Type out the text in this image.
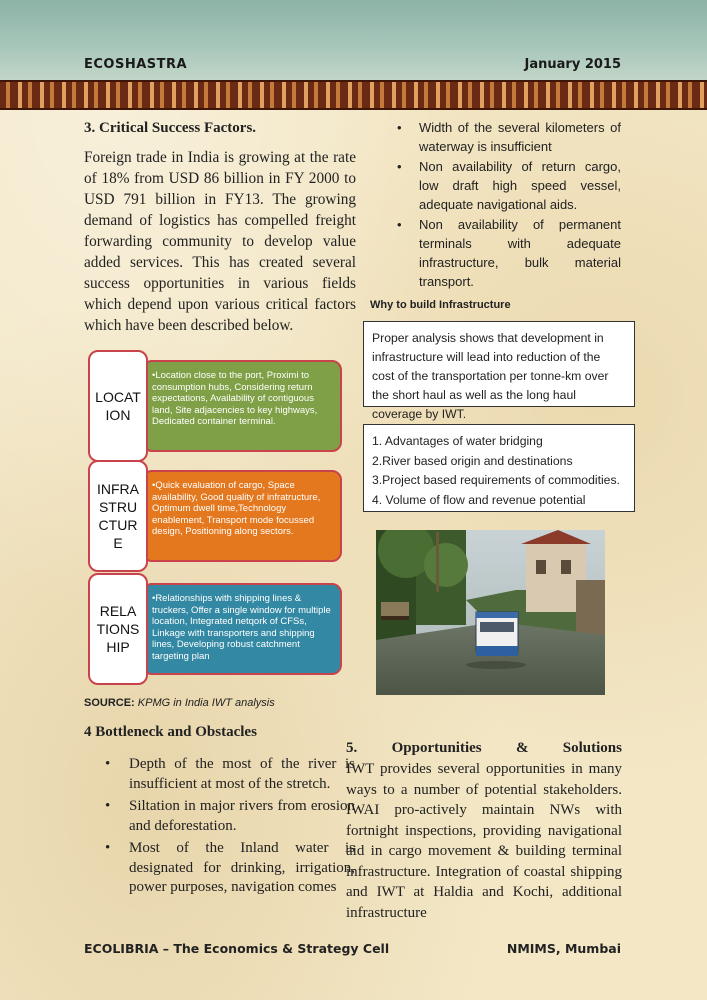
ECOSHASTRA	January 2015
3. Critical Success Factors.
Foreign trade in India is growing at the rate of 18% from USD 86 billion in FY 2000 to USD 791 billion in FY13. The growing demand of logistics has compelled freight forwarding community to develop value added services. This has created several success opportunities in various fields which depend upon various critical factors which have been described below.
•Location close to the port, Proximi to consumption hubs, Considering return expectations, Availability of contiguous land, Site adjacencies to key highways, Dedicated container terminal.
LOCATION
•Quick evaluation of cargo, Space availability, Good quality of infratructure, Optimum dwell time,Technology enablement, Transport mode focussed design, Positioning along sectors.
INFRASTRUCTURE
•Relationships with shipping lines & truckers, Offer a single window for multiple location, Integrated netqork of CFSs, Linkage with transporters and shipping lines, Developing robust catchment targeting plan
RELATIONSHIP
SOURCE: KPMG in India IWT analysis
4 Bottleneck and Obstacles
• Depth of the most of the river is insufficient at most of the stretch.
• Siltation in major rivers from erosion and deforestation.
• Most of the Inland water is designated for drinking, irrigation, power purposes, navigation comes
• Width of the several kilometers of waterway is insufficient
• Non availability of return cargo, low draft high speed vessel, adequate navigational aids.
• Non availability of permanent terminals with adequate infrastructure, bulk material transport.
Why to build Infrastructure
Proper analysis shows that development in infrastructure will lead into reduction of the cost of the transportation per tonne-km over the short haul as well as the long haul coverage by IWT.
1. Advantages of water bridging
2.River based origin and destinations
3.Project based requirements of commodities.
4. Volume of flow and revenue potential
5. Opportunities & Solutions
IWT provides several opportunities in many ways to a number of potential stakeholders. IWAI pro-actively maintain NWs with fortnight inspections, providing navigational aid in cargo movement & building terminal infrastructure. Integration of coastal shipping and IWT at Haldia and Kochi, additional infrastructure
ECOLIBRIA – The Economics & Strategy Cell	NMIMS, Mumbai
